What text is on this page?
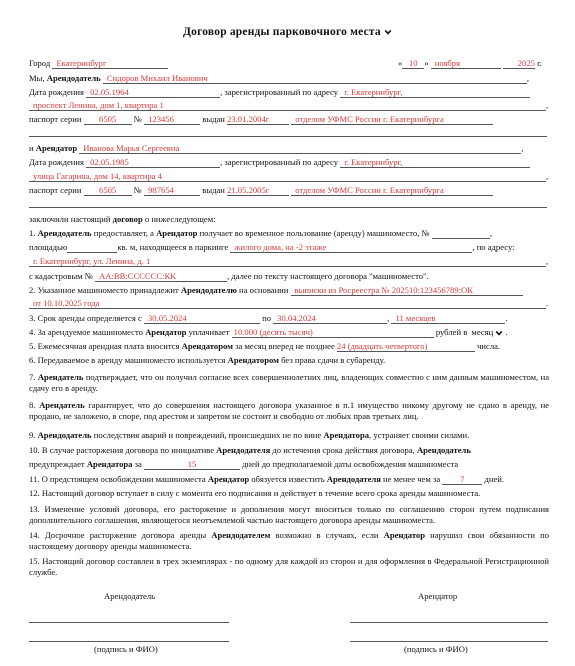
Договор аренды парковочного места
Город Екатеринбург	« 10 » ноября	2025 г.
Мы, Арендодатель Сидоров Михаил Иванович	,
Дата рождения 02.05.1964	, зарегистрированный по адресу г. Екатеринбург,
проспект Ленина, дом 1, квартира 1	,
паспорт серии 6505 № 123456	выдан 23.01.2004г	отделом УФМС России г. Екатеринбурга
и Арендатор Иванова Марья Сергеевна	,
Дата рождения 02.05.1985	, зарегистрированный по адресу г. Екатеринбург,
улица Гагарина, дом 14, квартира 4	,
паспорт серии 6505 № 987654	выдан 21.05.2005г	отделом УФМС России г. Екатеринбурга
заключили настоящий договор о нижеследующем:
1. Арендодатель предоставляет, а Арендатор получает во временное пользование (аренду) машиноместо, №	,
площадью	кв. м, находящееся в паркинге жилого дома, на -2 этаже	, по адресу:
г. Екатеринбург, ул. Ленина, д. 1	,
с кадастровым № АА:ВВ:СССССС:КК	, далее по тексту настоящего договора "машиноместо".
2. Указанное машиноместо принадлежит Арендодателю на основании выписки из Росреестра № 202510:123456789:ОК
от 10.10.2025 года	.
3. Срок аренды определяется с 30.05.2024	по 30.04.2024	, 11 месяцев	.
4. За арендуемое машиноместо Арендатор уплачивает 10.000 (десять тысяч)	рублей в месяц .
5. Ежемесячная арендная плата вносится Арендатором за месяц вперед не позднее 24 (двадцать четвертого)	числа.
6. Передаваемое в аренду машиноместо используется Арендатором без права сдачи в субаренду.
7. Арендатель подтверждает, что он получил согласие всех совершеннолетних лиц, владеющих совместно с ним данным машиноместом, на сдачу его в аренду.
8. Арендатель гарантирует, что до совершения настоящего договора указанное в п.1 имущество никому другому не сдано в аренду, не продано, не заложено, в споре, под арестом и запретом не состоит и свободно от любых прав третьих лиц.
9. Арендодатель последствия аварий и повреждений, происшедших не по вине Арендатора, устраняет своими силами.
10. В случае расторжения договора по инициативе Арендодателя до истечения срока действия договора, Арендодатель
предупреждает Арендатора за	15	дней до предполагаемой даты освобождения машиноместа
11. О предстоящем освобождении машиноместа Арендатор обязуется известить Арендодателя не менее чем за 7 дней.
12. Настоящий договор вступает в силу с момента его подписания и действует в течение всего срока аренды машиноместа.
13. Изменение условий договора, его расторжение и дополнения могут вноситься только по соглашению сторон путем подписания дополнительного соглашения, являющегося неотъемлемой частью настоящего договора аренды машиноместа.
14. Досрочное расторжение договора аренды Арендодателем возможно в случаях, если Арендатор нарушил свои обязанности по настоящему договору аренды машиноместа.
15. Настоящий договор составлен в трех экземплярах - по одному для каждой из сторон и для оформления в Федеральной Регистрационной службе.
Арендодатель	Арендатор
(подпись и ФИО)	(подпись и ФИО)
